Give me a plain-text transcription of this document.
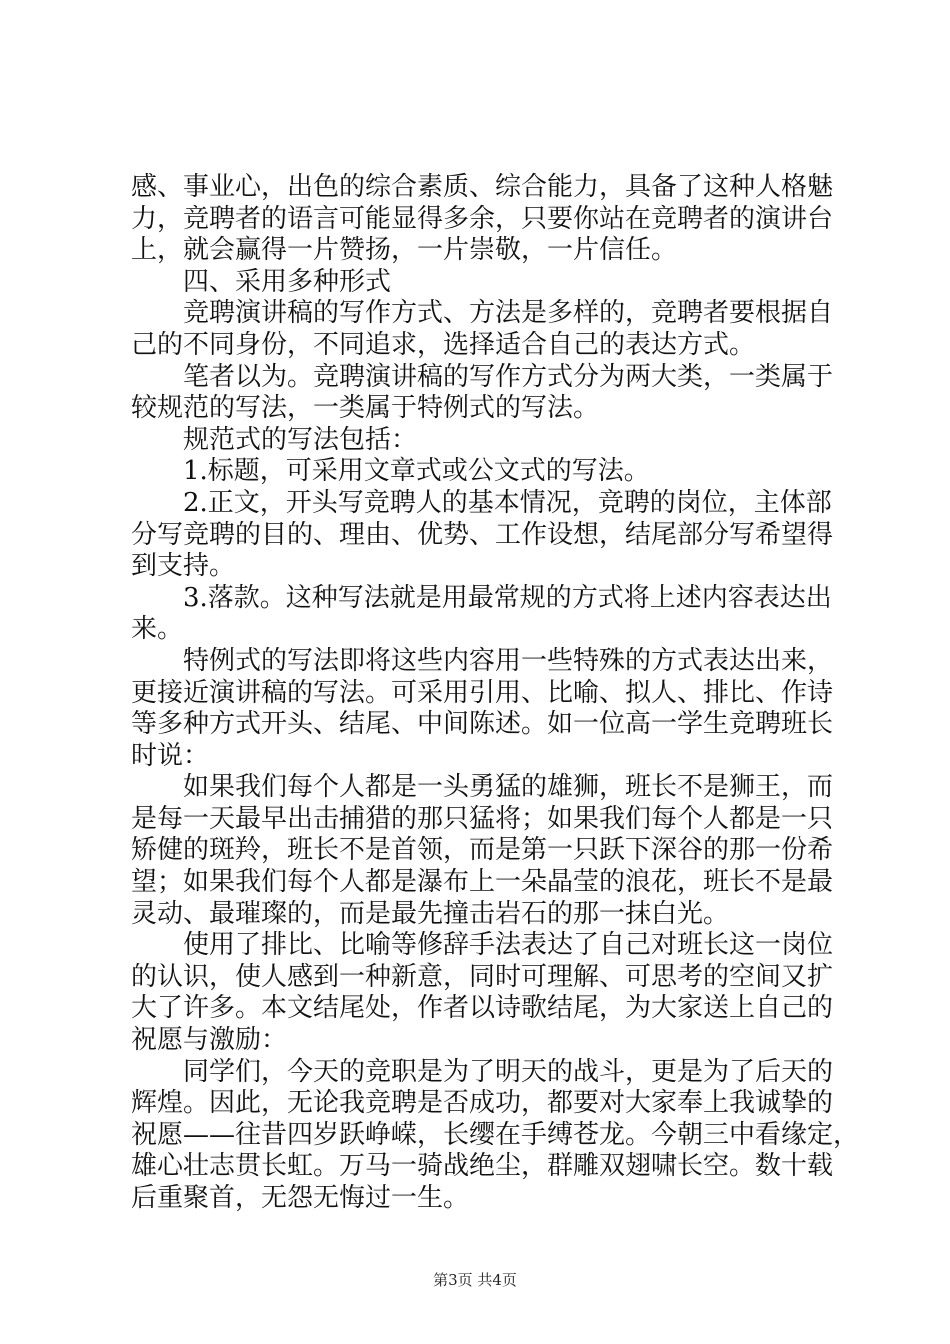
感、事业心，出色的综合素质、综合能力，具备了这种人格魅
力，竞聘者的语言可能显得多余，只要你站在竞聘者的演讲台
上，就会赢得一片赞扬，一片崇敬，一片信任。
四、采用多种形式
竞聘演讲稿的写作方式、方法是多样的，竞聘者要根据自
己的不同身份，不同追求，选择适合自己的表达方式。
笔者以为。竞聘演讲稿的写作方式分为两大类，一类属于
较规范的写法，一类属于特例式的写法。
规范式的写法包括：
1.标题，可采用文章式或公文式的写法。
2.正文，开头写竞聘人的基本情况，竞聘的岗位，主体部
分写竞聘的目的、理由、优势、工作设想，结尾部分写希望得
到支持。
3.落款。这种写法就是用最常规的方式将上述内容表达出
来。
特例式的写法即将这些内容用一些特殊的方式表达出来，
更接近演讲稿的写法。可采用引用、比喻、拟人、排比、作诗
等多种方式开头、结尾、中间陈述。如一位高一学生竞聘班长
时说：
如果我们每个人都是一头勇猛的雄狮，班长不是狮王，而
是每一天最早出击捕猎的那只猛将；如果我们每个人都是一只
矫健的斑羚，班长不是首领，而是第一只跃下深谷的那一份希
望；如果我们每个人都是瀑布上一朵晶莹的浪花，班长不是最
灵动、最璀璨的，而是最先撞击岩石的那一抹白光。
使用了排比、比喻等修辞手法表达了自己对班长这一岗位
的认识，使人感到一种新意，同时可理解、可思考的空间又扩
大了许多。本文结尾处，作者以诗歌结尾，为大家送上自己的
祝愿与激励：
同学们，今天的竞职是为了明天的战斗，更是为了后天的
辉煌。因此，无论我竞聘是否成功，都要对大家奉上我诚挚的
祝愿——往昔四岁跃峥嵘，长缨在手缚苍龙。今朝三中看缘定，
雄心壮志贯长虹。万马一骑战绝尘，群雕双翅啸长空。数十载
后重聚首，无怨无悔过一生。
第3页 共4页
